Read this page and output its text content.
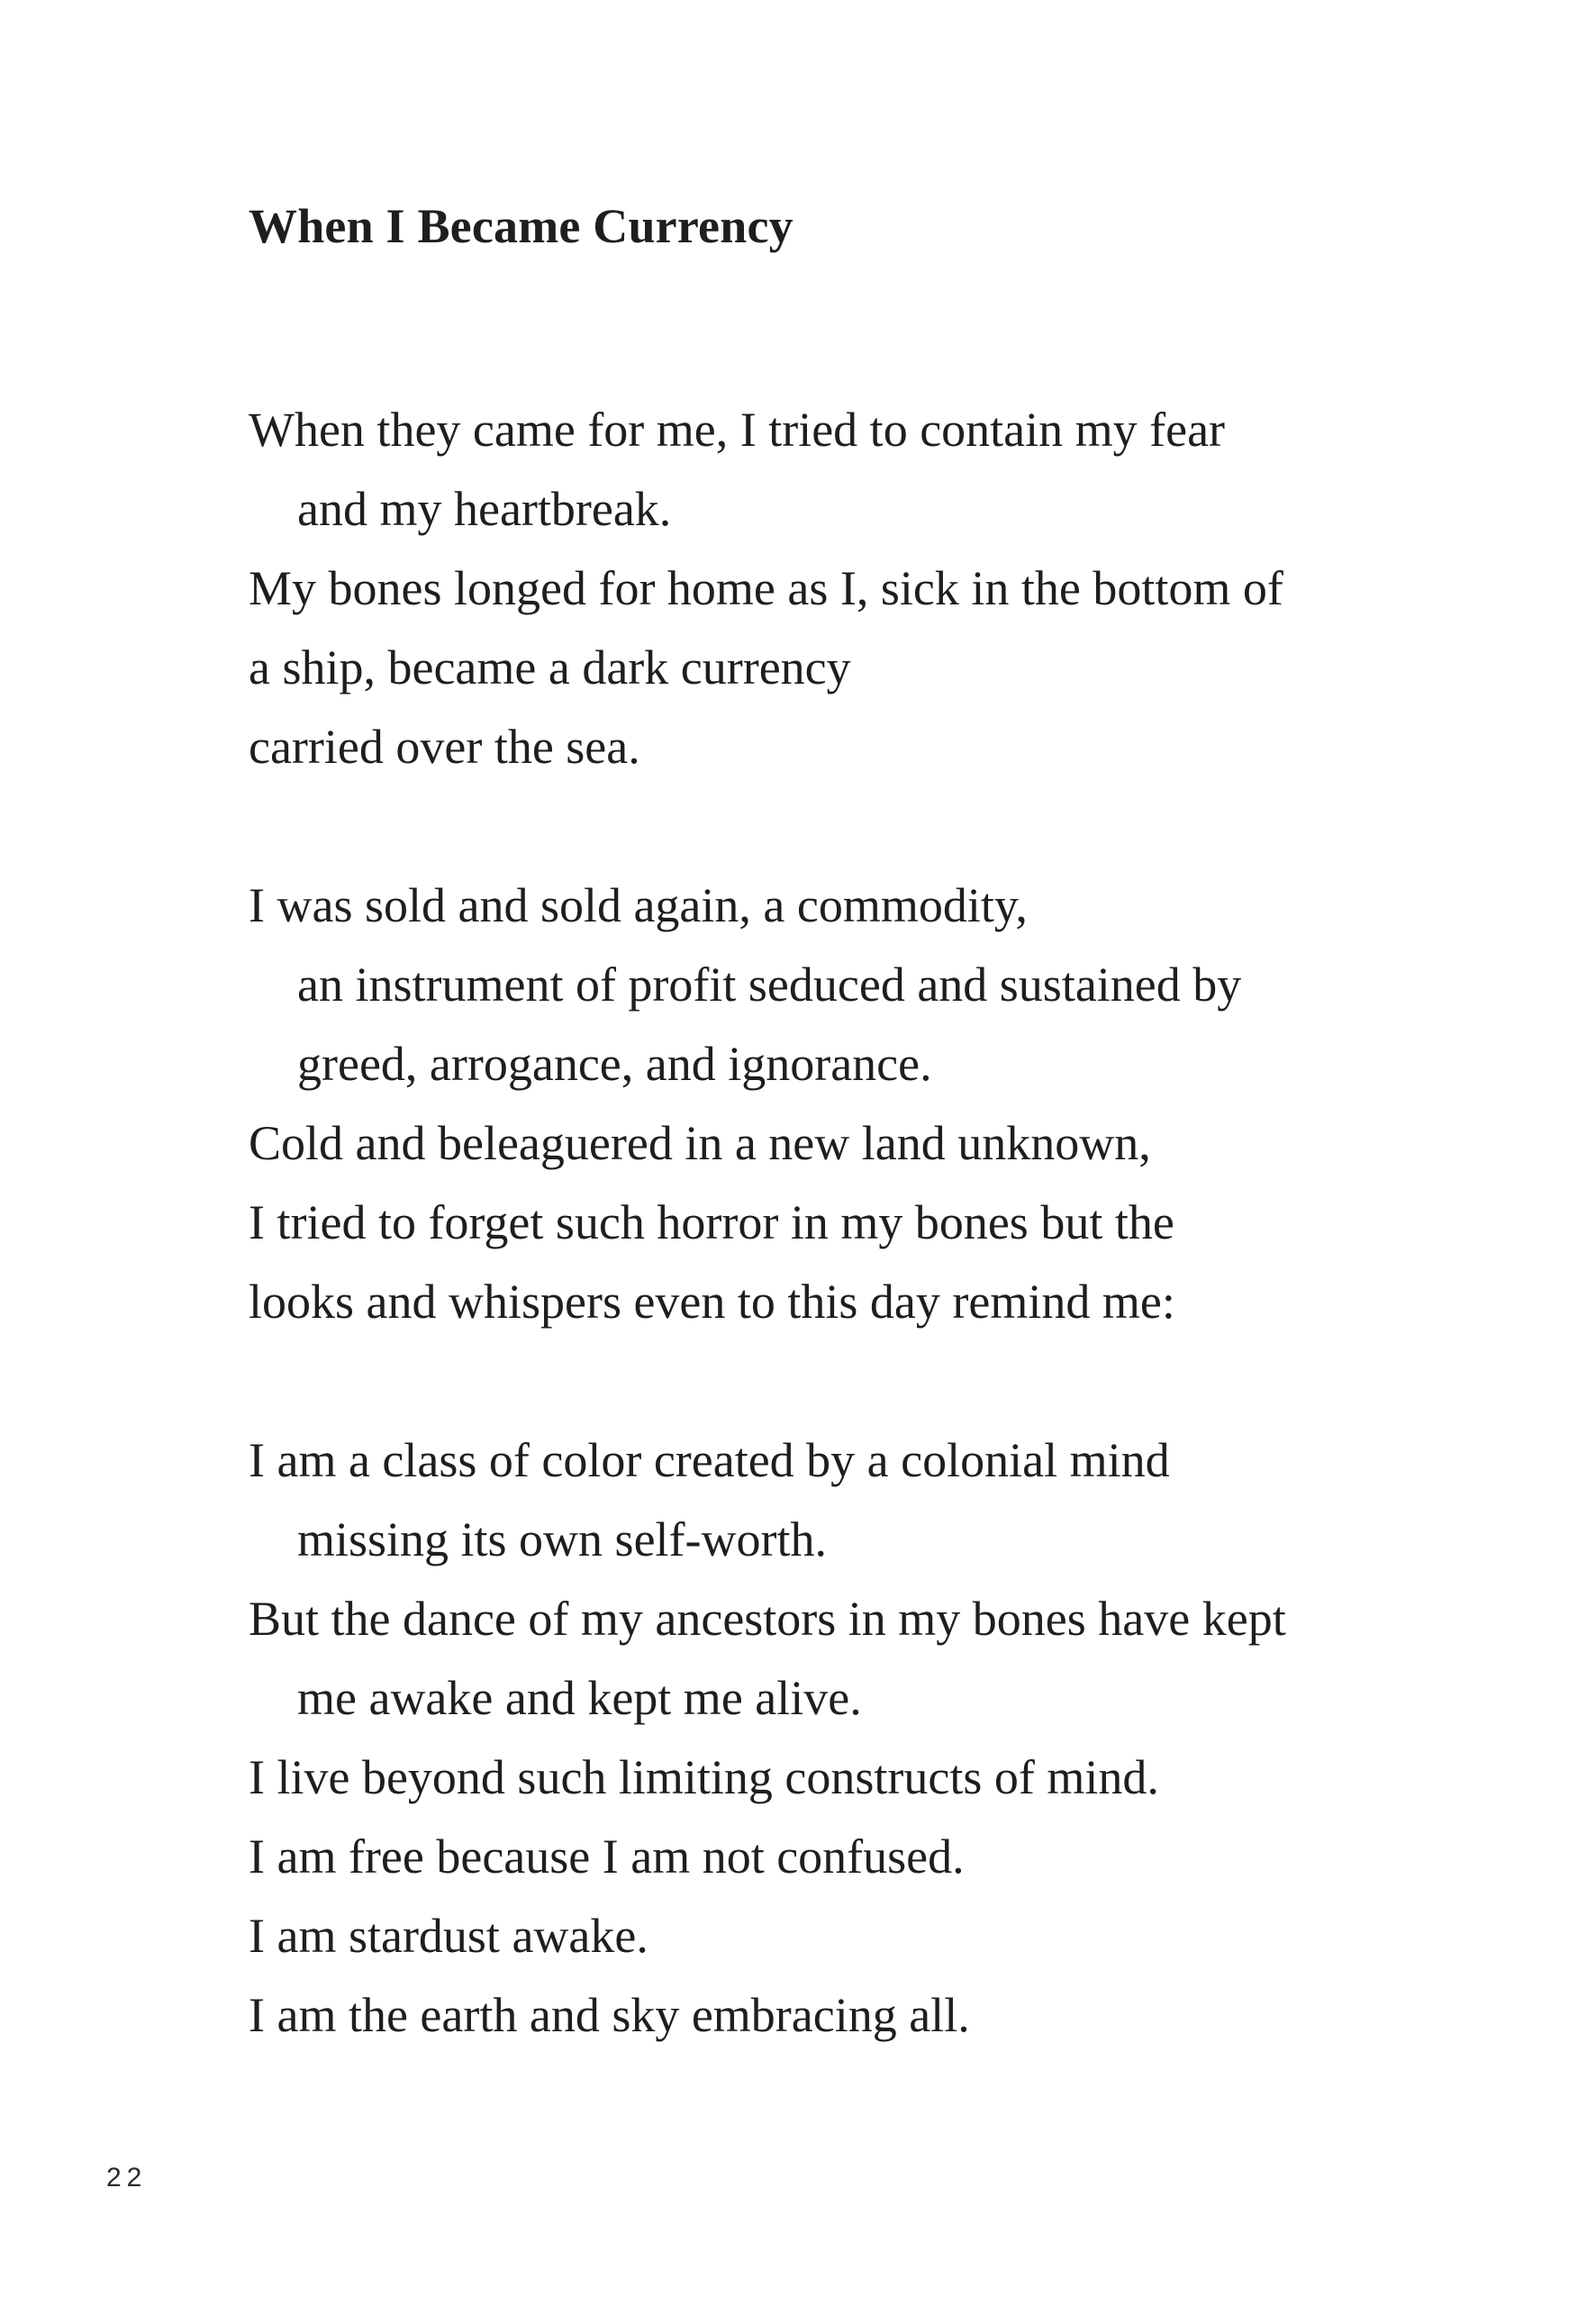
When I Became Currency
When they came for me, I tried to contain my fear
and my heartbreak.
My bones longed for home as I, sick in the bottom of
a ship, became a dark currency
carried over the sea.
I was sold and sold again, a commodity,
an instrument of profit seduced and sustained by
greed, arrogance, and ignorance.
Cold and beleaguered in a new land unknown,
I tried to forget such horror in my bones but the
looks and whispers even to this day remind me:
I am a class of color created by a colonial mind
missing its own self-worth.
But the dance of my ancestors in my bones have kept
me awake and kept me alive.
I live beyond such limiting constructs of mind.
I am free because I am not confused.
I am stardust awake.
I am the earth and sky embracing all.
22
